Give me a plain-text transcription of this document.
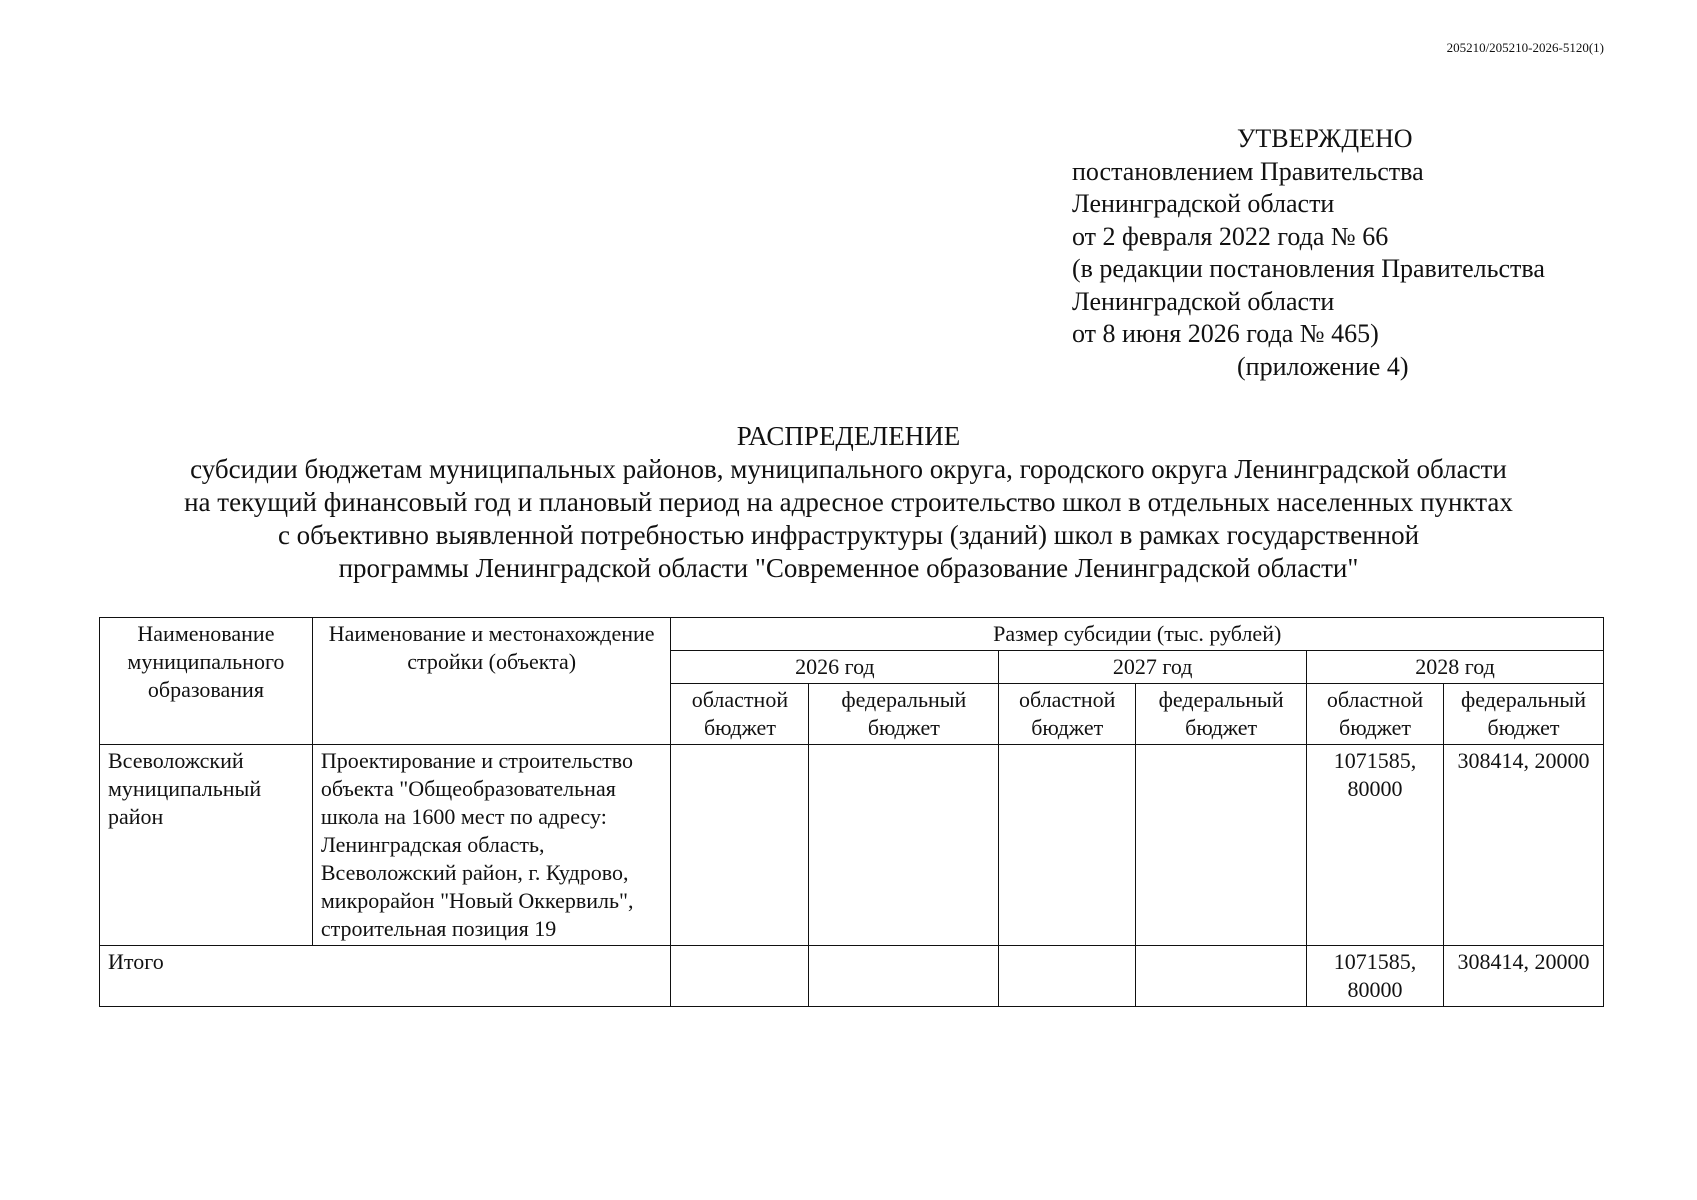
205210/205210-2026-5120(1)
УТВЕРЖДЕНО
постановлением Правительства
Ленинградской области
от 2 февраля 2022 года № 66
(в редакции постановления Правительства
Ленинградской области
от 8 июня 2026 года № 465)
(приложение 4)
РАСПРЕДЕЛЕНИЕ
субсидии бюджетам муниципальных районов, муниципального округа, городского округа Ленинградской области
на текущий финансовый год и плановый период на адресное строительство школ в отдельных населенных пунктах
с объективно выявленной потребностью инфраструктуры (зданий) школ в рамках государственной
программы Ленинградской области "Современное образование Ленинградской области"
Наименование муниципального образования	Наименование и местонахождение стройки (объекта)	Размер субсидии (тыс. рублей)					
		2026 год		2027 год		2028 год	
		областной бюджет	федеральный бюджет	областной бюджет	федеральный бюджет	областной бюджет	федеральный бюджет
Всеволожский муниципальный район	Проектирование и строительство объекта "Общеобразовательная школа на 1600 мест по адресу: Ленинградская область, Всеволожский район, г. Кудрово, микрорайон "Новый Оккервиль", строительная позиция 19					1071585, 80000	308414, 20000
Итого						1071585, 80000	308414, 20000
